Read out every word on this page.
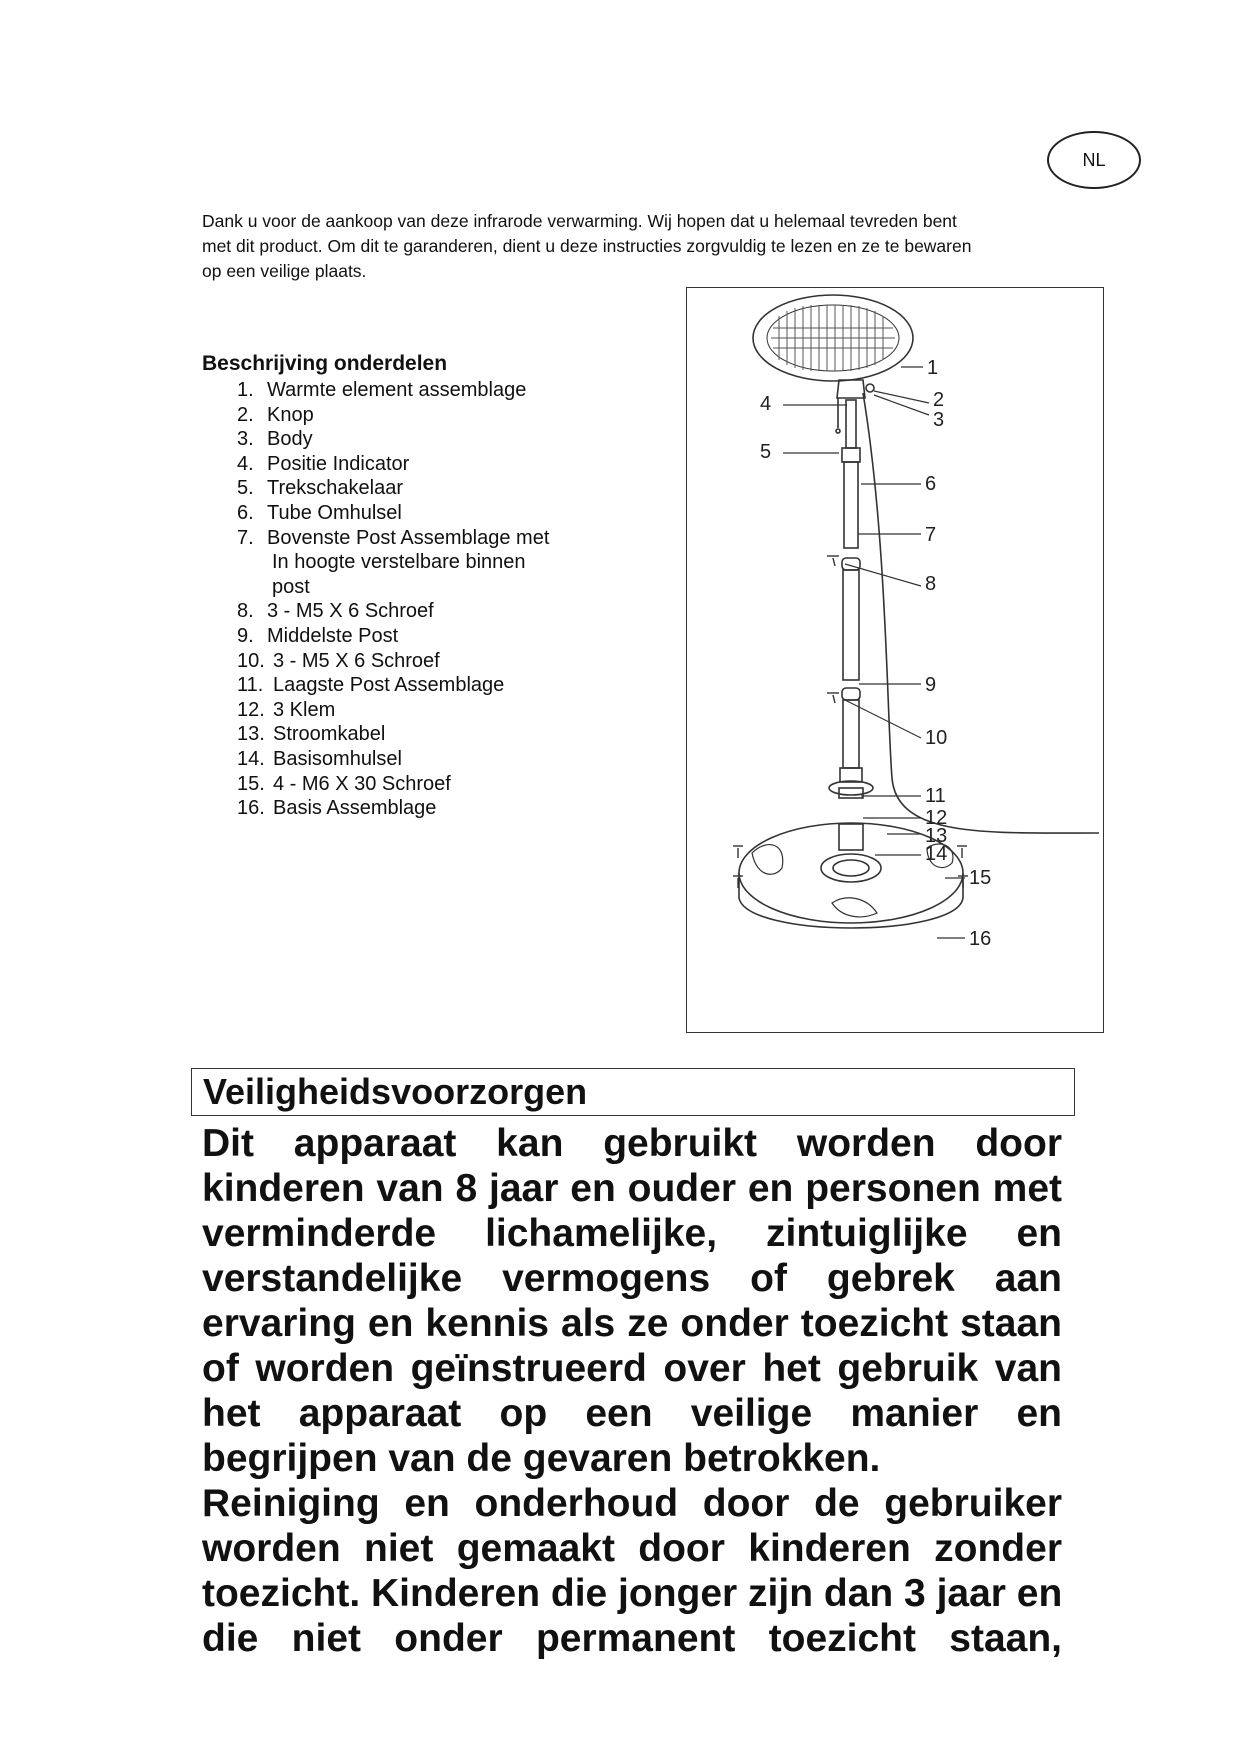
NL

Dank u voor de aankoop van deze infrarode verwarming. Wij hopen dat u helemaal tevreden bent

met dit product. Om dit te garanderen, dient u deze instructies zorgvuldig te lezen en ze te bewaren

op een veilige plaats.

Beschrijving onderdelen
1. Warmte element assemblage
2. Knop
3. Body
4. Positie Indicator
5. Trekschakelaar
6. Tube Omhulsel
7. Bovenste Post Assemblage met
In hoogte verstelbare binnen
post
8. 3 - M5 X 6 Schroef
9. Middelste Post
10. 3 - M5 X 6 Schroef
11. Laagste Post Assemblage
12. 3 Klem
13. Stroomkabel
14. Basisomhulsel
15. 4 - M6 X 30 Schroef
16. Basis Assemblage
1
2
3
4
5
6
7
8
9
10
11
12
13
14
15
16
Veiligheidsvoorzorgen
Dit apparaat kan gebruikt worden door
kinderen van 8 jaar en ouder en personen met
verminderde lichamelijke, zintuiglijke en
verstandelijke vermogens of gebrek aan
ervaring en kennis als ze onder toezicht staan
of worden geïnstrueerd over het gebruik van
het apparaat op een veilige manier en
begrijpen van de gevaren betrokken.
Reiniging en onderhoud door de gebruiker
worden niet gemaakt door kinderen zonder
toezicht. Kinderen die jonger zijn dan 3 jaar en
die niet onder permanent toezicht staan,
